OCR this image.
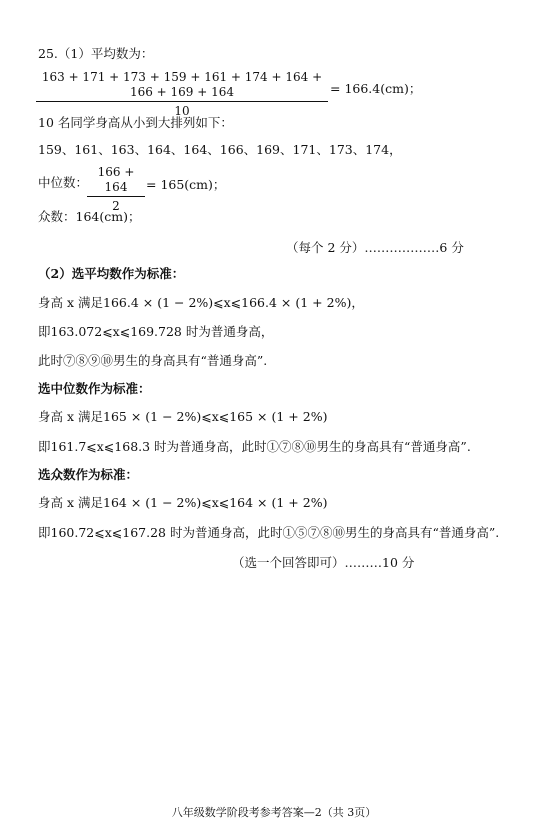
25.（1）平均数为：
163 + 171 + 173 + 159 + 161 + 174 + 164 + 166 + 169 + 164
10
= 166.4(cm)；
10 名同学身高从小到大排列如下：
159、161、163、164、164、166、169、171、173、174，
中位数：
166 + 164
2
= 165(cm)；
众数：164(cm)；
（每个 2 分）………………6 分
（2）选平均数作为标准：
身高 x 满足166.4 × (1 − 2%)⩽x⩽166.4 × (1 + 2%)，
即163.072⩽x⩽169.728 时为普通身高，
此时⑦⑧⑨⑩男生的身高具有“普通身高”.
选中位数作为标准：
身高 x 满足165 × (1 − 2%)⩽x⩽165 × (1 + 2%)
即161.7⩽x⩽168.3 时为普通身高，此时①⑦⑧⑩男生的身高具有“普通身高”.
选众数作为标准：
身高 x 满足164 × (1 − 2%)⩽x⩽164 × (1 + 2%)
即160.72⩽x⩽167.28 时为普通身高，此时①⑤⑦⑧⑩男生的身高具有“普通身高”.
（选一个回答即可）………10 分
八年级数学阶段考参考答案—2（共 3页）
